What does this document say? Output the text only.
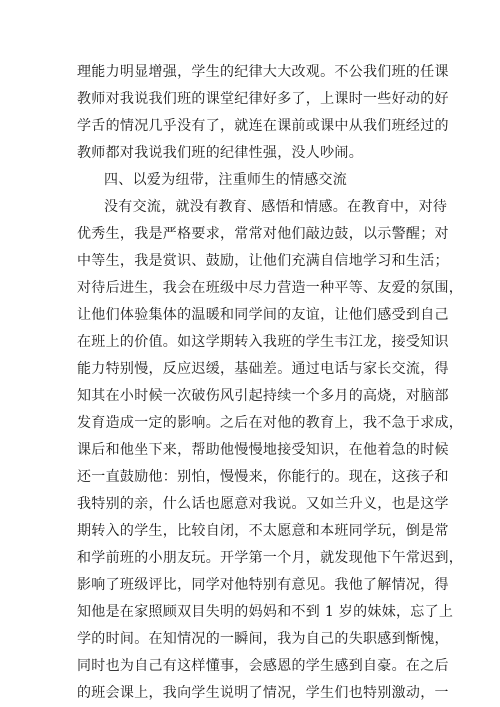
理能力明显增强，学生的纪律大大改观。不公我们班的任课
教师对我说我们班的课堂纪律好多了，上课时一些好动的好
学舌的情况几乎没有了，就连在课前或课中从我们班经过的
教师都对我说我们班的纪律性强，没人吵闹。
四、以爱为纽带，注重师生的情感交流
没有交流，就没有教育、感悟和情感。在教育中，对待
优秀生，我是严格要求，常常对他们敲边鼓，以示警醒；对
中等生，我是赏识、鼓励，让他们充满自信地学习和生活；
对待后进生，我会在班级中尽力营造一种平等、友爱的氛围，
让他们体验集体的温暖和同学间的友谊，让他们感受到自己
在班上的价值。如这学期转入我班的学生韦江龙，接受知识
能力特别慢，反应迟缓，基础差。通过电话与家长交流，得
知其在小时候一次破伤风引起持续一个多月的高烧，对脑部
发育造成一定的影响。之后在对他的教育上，我不急于求成，
课后和他坐下来，帮助他慢慢地接受知识，在他着急的时候
还一直鼓励他：别怕，慢慢来，你能行的。现在，这孩子和
我特别的亲，什么话也愿意对我说。又如兰升义，也是这学
期转入的学生，比较自闭，不太愿意和本班同学玩，倒是常
和学前班的小朋友玩。开学第一个月，就发现他下午常迟到，
影响了班级评比，同学对他特别有意见。我他了解情况，得
知他是在家照顾双目失明的妈妈和不到 1 岁的妹妹，忘了上
学的时间。在知情况的一瞬间，我为自己的失职感到惭愧，
同时也为自己有这样懂事，会感恩的学生感到自豪。在之后
的班会课上，我向学生说明了情况，学生们也特别激动，一
